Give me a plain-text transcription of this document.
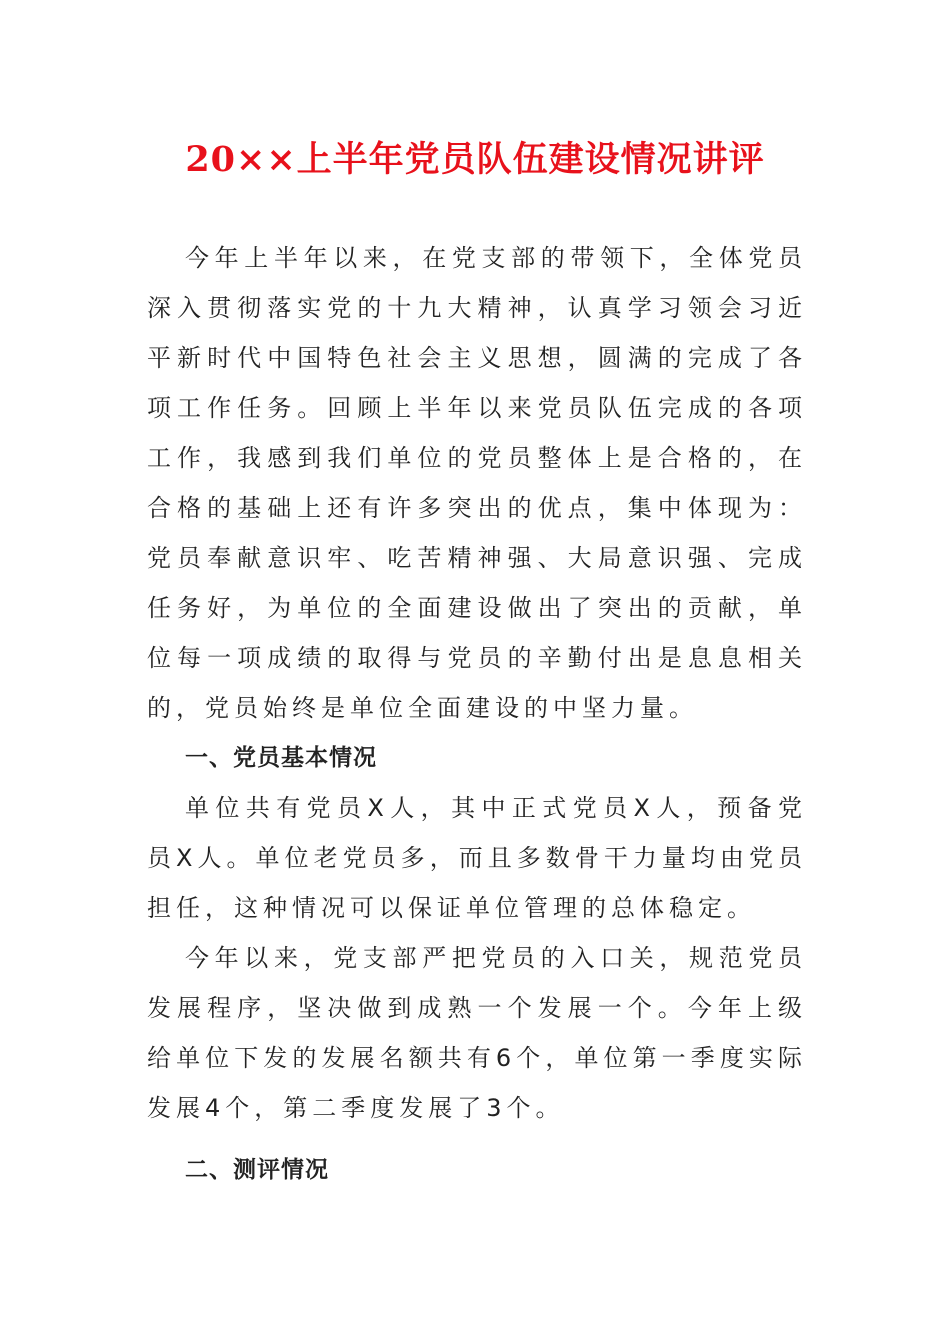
20××上半年党员队伍建设情况讲评

今年上半年以来，在党支部的带领下，全体党员深入贯彻落实党的十九大精神，认真学习领会习近平新时代中国特色社会主义思想，圆满的完成了各项工作任务。回顾上半年以来党员队伍完成的各项工作，我感到我们单位的党员整体上是合格的，在合格的基础上还有许多突出的优点，集中体现为：党员奉献意识牢、吃苦精神强、大局意识强、完成任务好，为单位的全面建设做出了突出的贡献，单位每一项成绩的取得与党员的辛勤付出是息息相关的，党员始终是单位全面建设的中坚力量。

一、党员基本情况

单位共有党员X人，其中正式党员X人，预备党员X人。单位老党员多，而且多数骨干力量均由党员担任，这种情况可以保证单位管理的总体稳定。

今年以来，党支部严把党员的入口关，规范党员发展程序，坚决做到成熟一个发展一个。今年上级给单位下发的发展名额共有6个，单位第一季度实际发展4个，第二季度发展了3个。

二、测评情况
